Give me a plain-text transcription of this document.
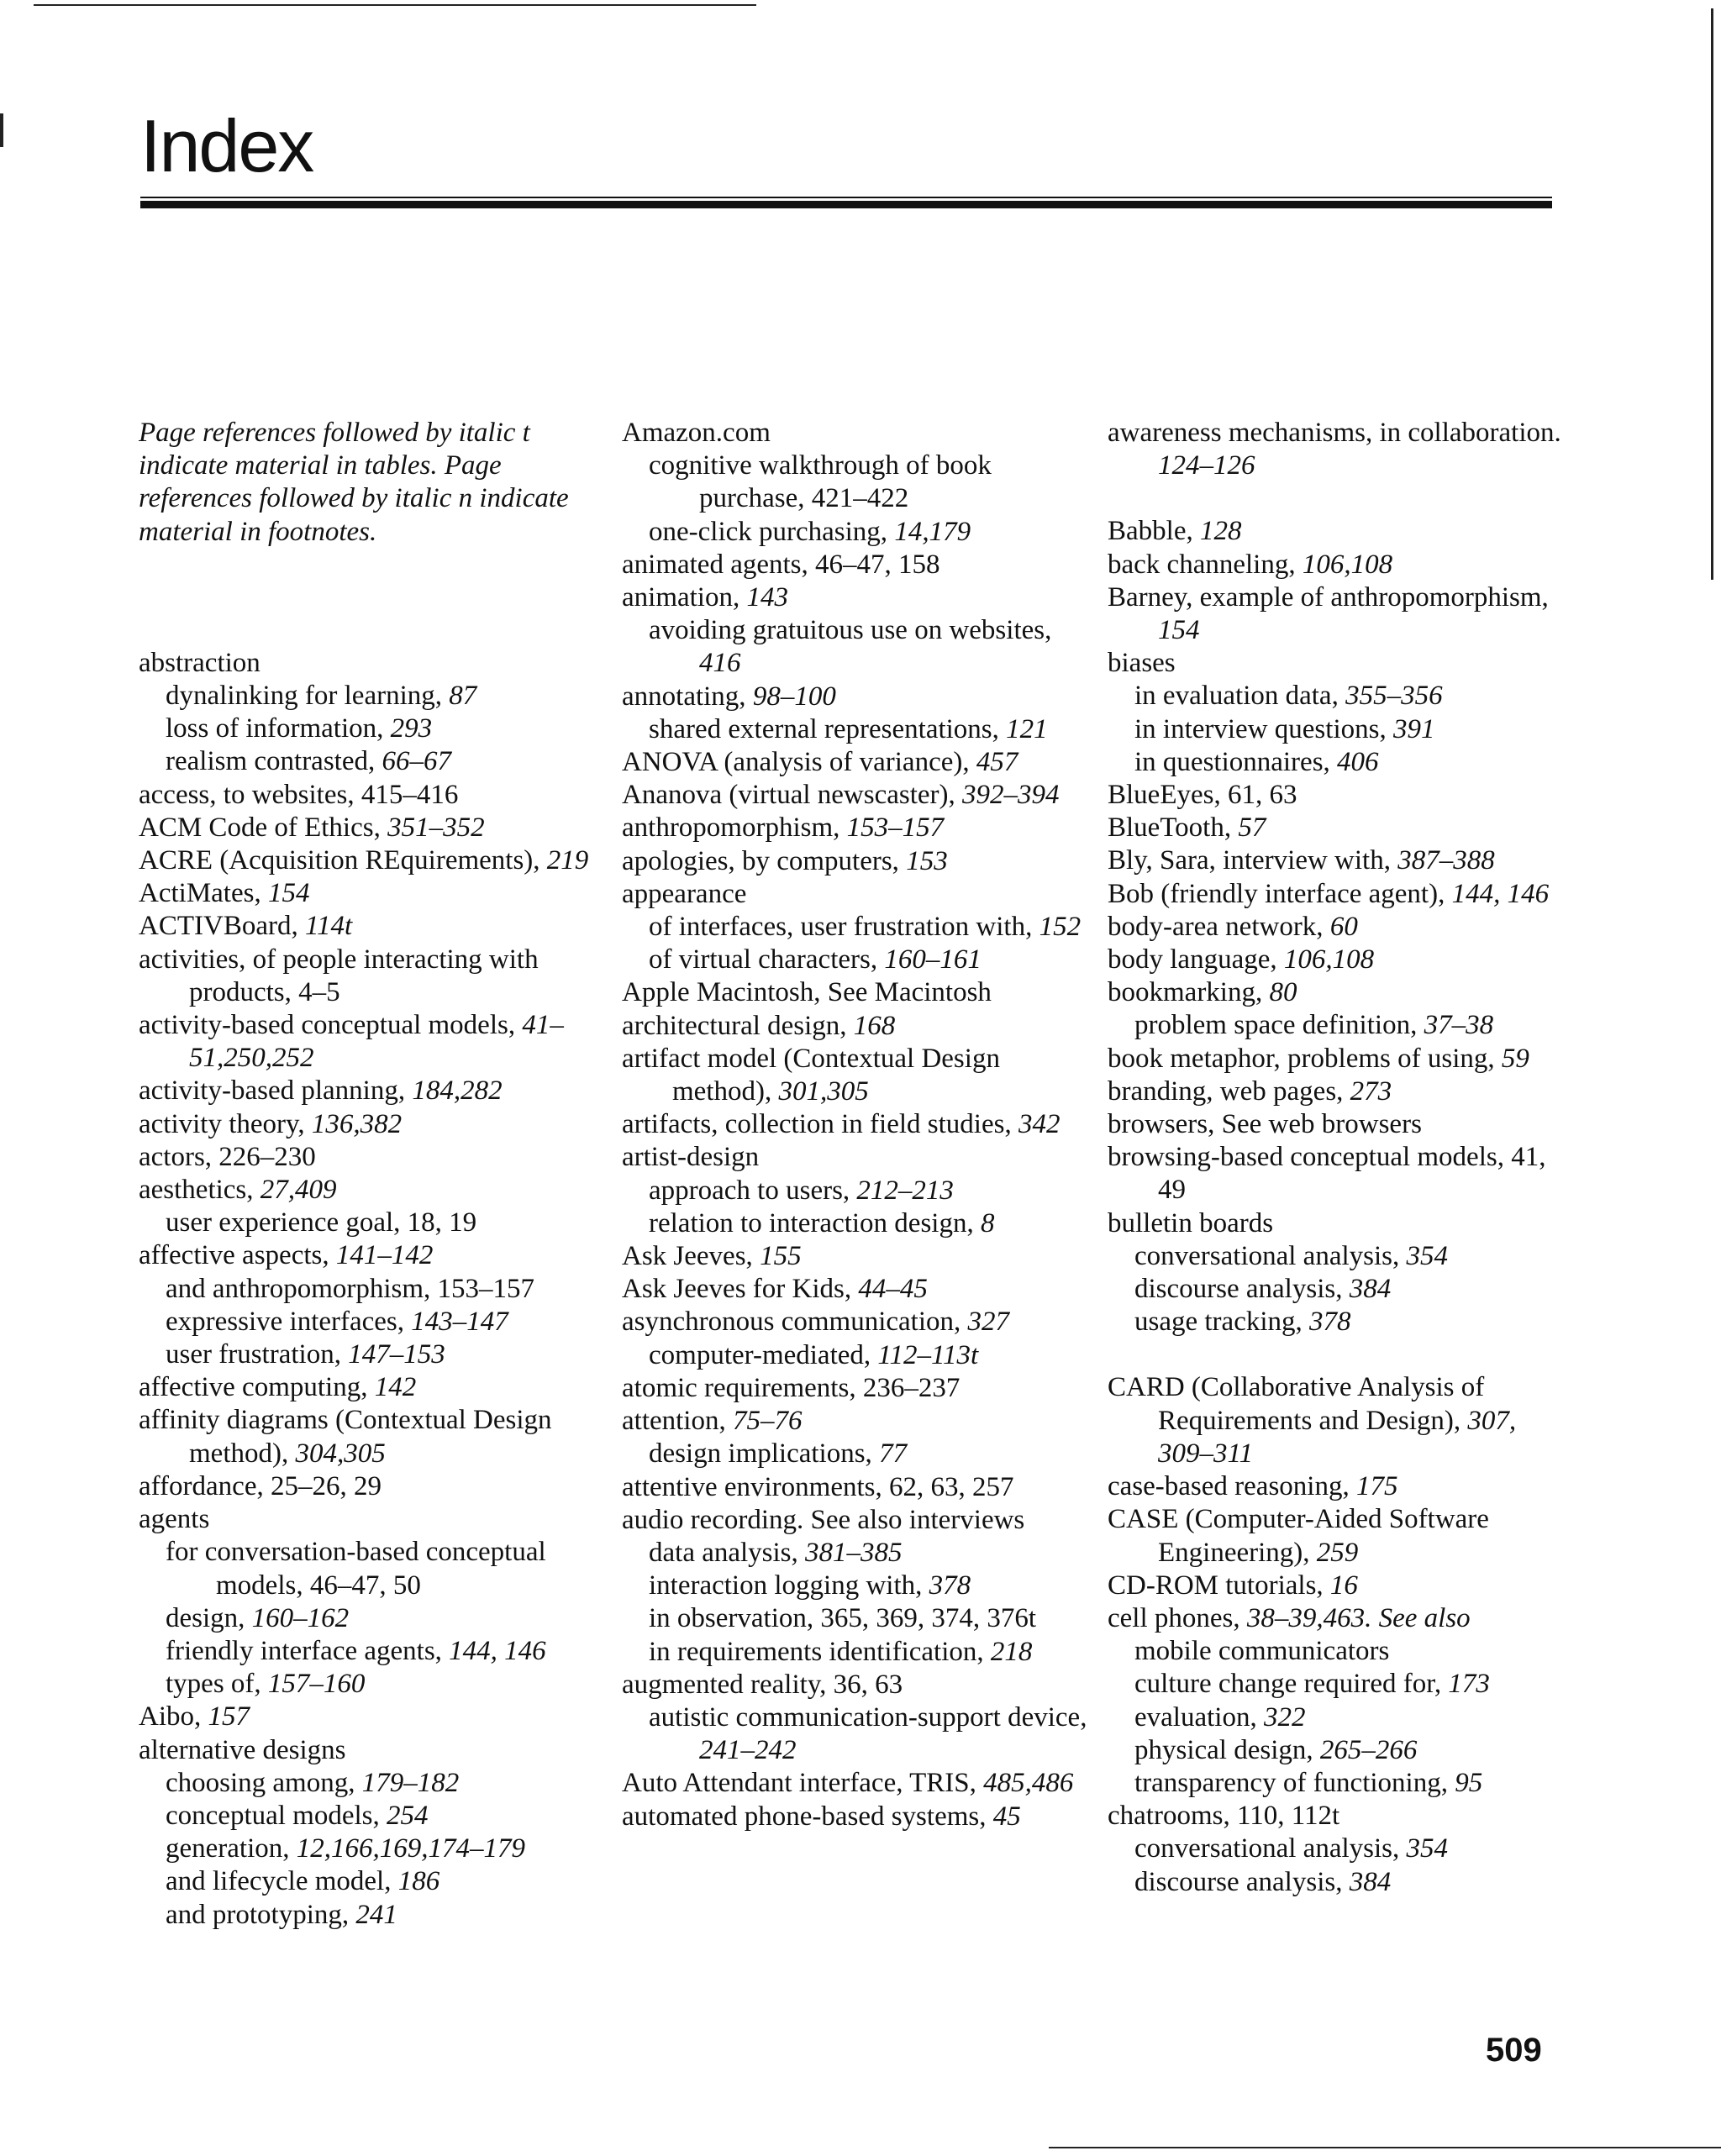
Index
Page references followed by italic t indicate material in tables. Page references followed by italic n indicate material in footnotes.
abstraction
dynalinking for learning, 87
loss of information, 293
realism contrasted, 66–67
access, to websites, 415–416
ACM Code of Ethics, 351–352
ACRE (Acquisition REquirements), 219
ActiMates, 154
ACTIVBoard, 114t
activities, of people interacting with products, 4–5
activity-based conceptual models, 41–51,250,252
activity-based planning, 184,282
activity theory, 136,382
actors, 226–230
aesthetics, 27,409
user experience goal, 18, 19
affective aspects, 141–142
and anthropomorphism, 153–157
expressive interfaces, 143–147
user frustration, 147–153
affective computing, 142
affinity diagrams (Contextual Design method), 304,305
affordance, 25–26, 29
agents
for conversation-based conceptual models, 46–47, 50
design, 160–162
friendly interface agents, 144, 146
types of, 157–160
Aibo, 157
alternative designs
choosing among, 179–182
conceptual models, 254
generation, 12,166,169,174–179
and lifecycle model, 186
and prototyping, 241
Amazon.com
cognitive walkthrough of book purchase, 421–422
one-click purchasing, 14,179
animated agents, 46–47, 158
animation, 143
avoiding gratuitous use on websites, 416
annotating, 98–100
shared external representations, 121
ANOVA (analysis of variance), 457
Ananova (virtual newscaster), 392–394
anthropomorphism, 153–157
apologies, by computers, 153
appearance
of interfaces, user frustration with, 152
of virtual characters, 160–161
Apple Macintosh, See Macintosh
architectural design, 168
artifact model (Contextual Design method), 301,305
artifacts, collection in field studies, 342
artist-design
approach to users, 212–213
relation to interaction design, 8
Ask Jeeves, 155
Ask Jeeves for Kids, 44–45
asynchronous communication, 327
computer-mediated, 112–113t
atomic requirements, 236–237
attention, 75–76
design implications, 77
attentive environments, 62, 63, 257
audio recording. See also interviews
data analysis, 381–385
interaction logging with, 378
in observation, 365, 369, 374, 376t
in requirements identification, 218
augmented reality, 36, 63
autistic communication-support device, 241–242
Auto Attendant interface, TRIS, 485,486
automated phone-based systems, 45
awareness mechanisms, in collaboration. 124–126
Babble, 128
back channeling, 106,108
Barney, example of anthropomorphism, 154
biases
in evaluation data, 355–356
in interview questions, 391
in questionnaires, 406
BlueEyes, 61, 63
BlueTooth, 57
Bly, Sara, interview with, 387–388
Bob (friendly interface agent), 144, 146
body-area network, 60
body language, 106,108
bookmarking, 80
problem space definition, 37–38
book metaphor, problems of using, 59
branding, web pages, 273
browsers, See web browsers
browsing-based conceptual models, 41, 49
bulletin boards
conversational analysis, 354
discourse analysis, 384
usage tracking, 378
CARD (Collaborative Analysis of Requirements and Design), 307, 309–311
case-based reasoning, 175
CASE (Computer-Aided Software Engineering), 259
CD-ROM tutorials, 16
cell phones, 38–39,463. See also
mobile communicators
culture change required for, 173
evaluation, 322
physical design, 265–266
transparency of functioning, 95
chatrooms, 110, 112t
conversational analysis, 354
discourse analysis, 384
509
